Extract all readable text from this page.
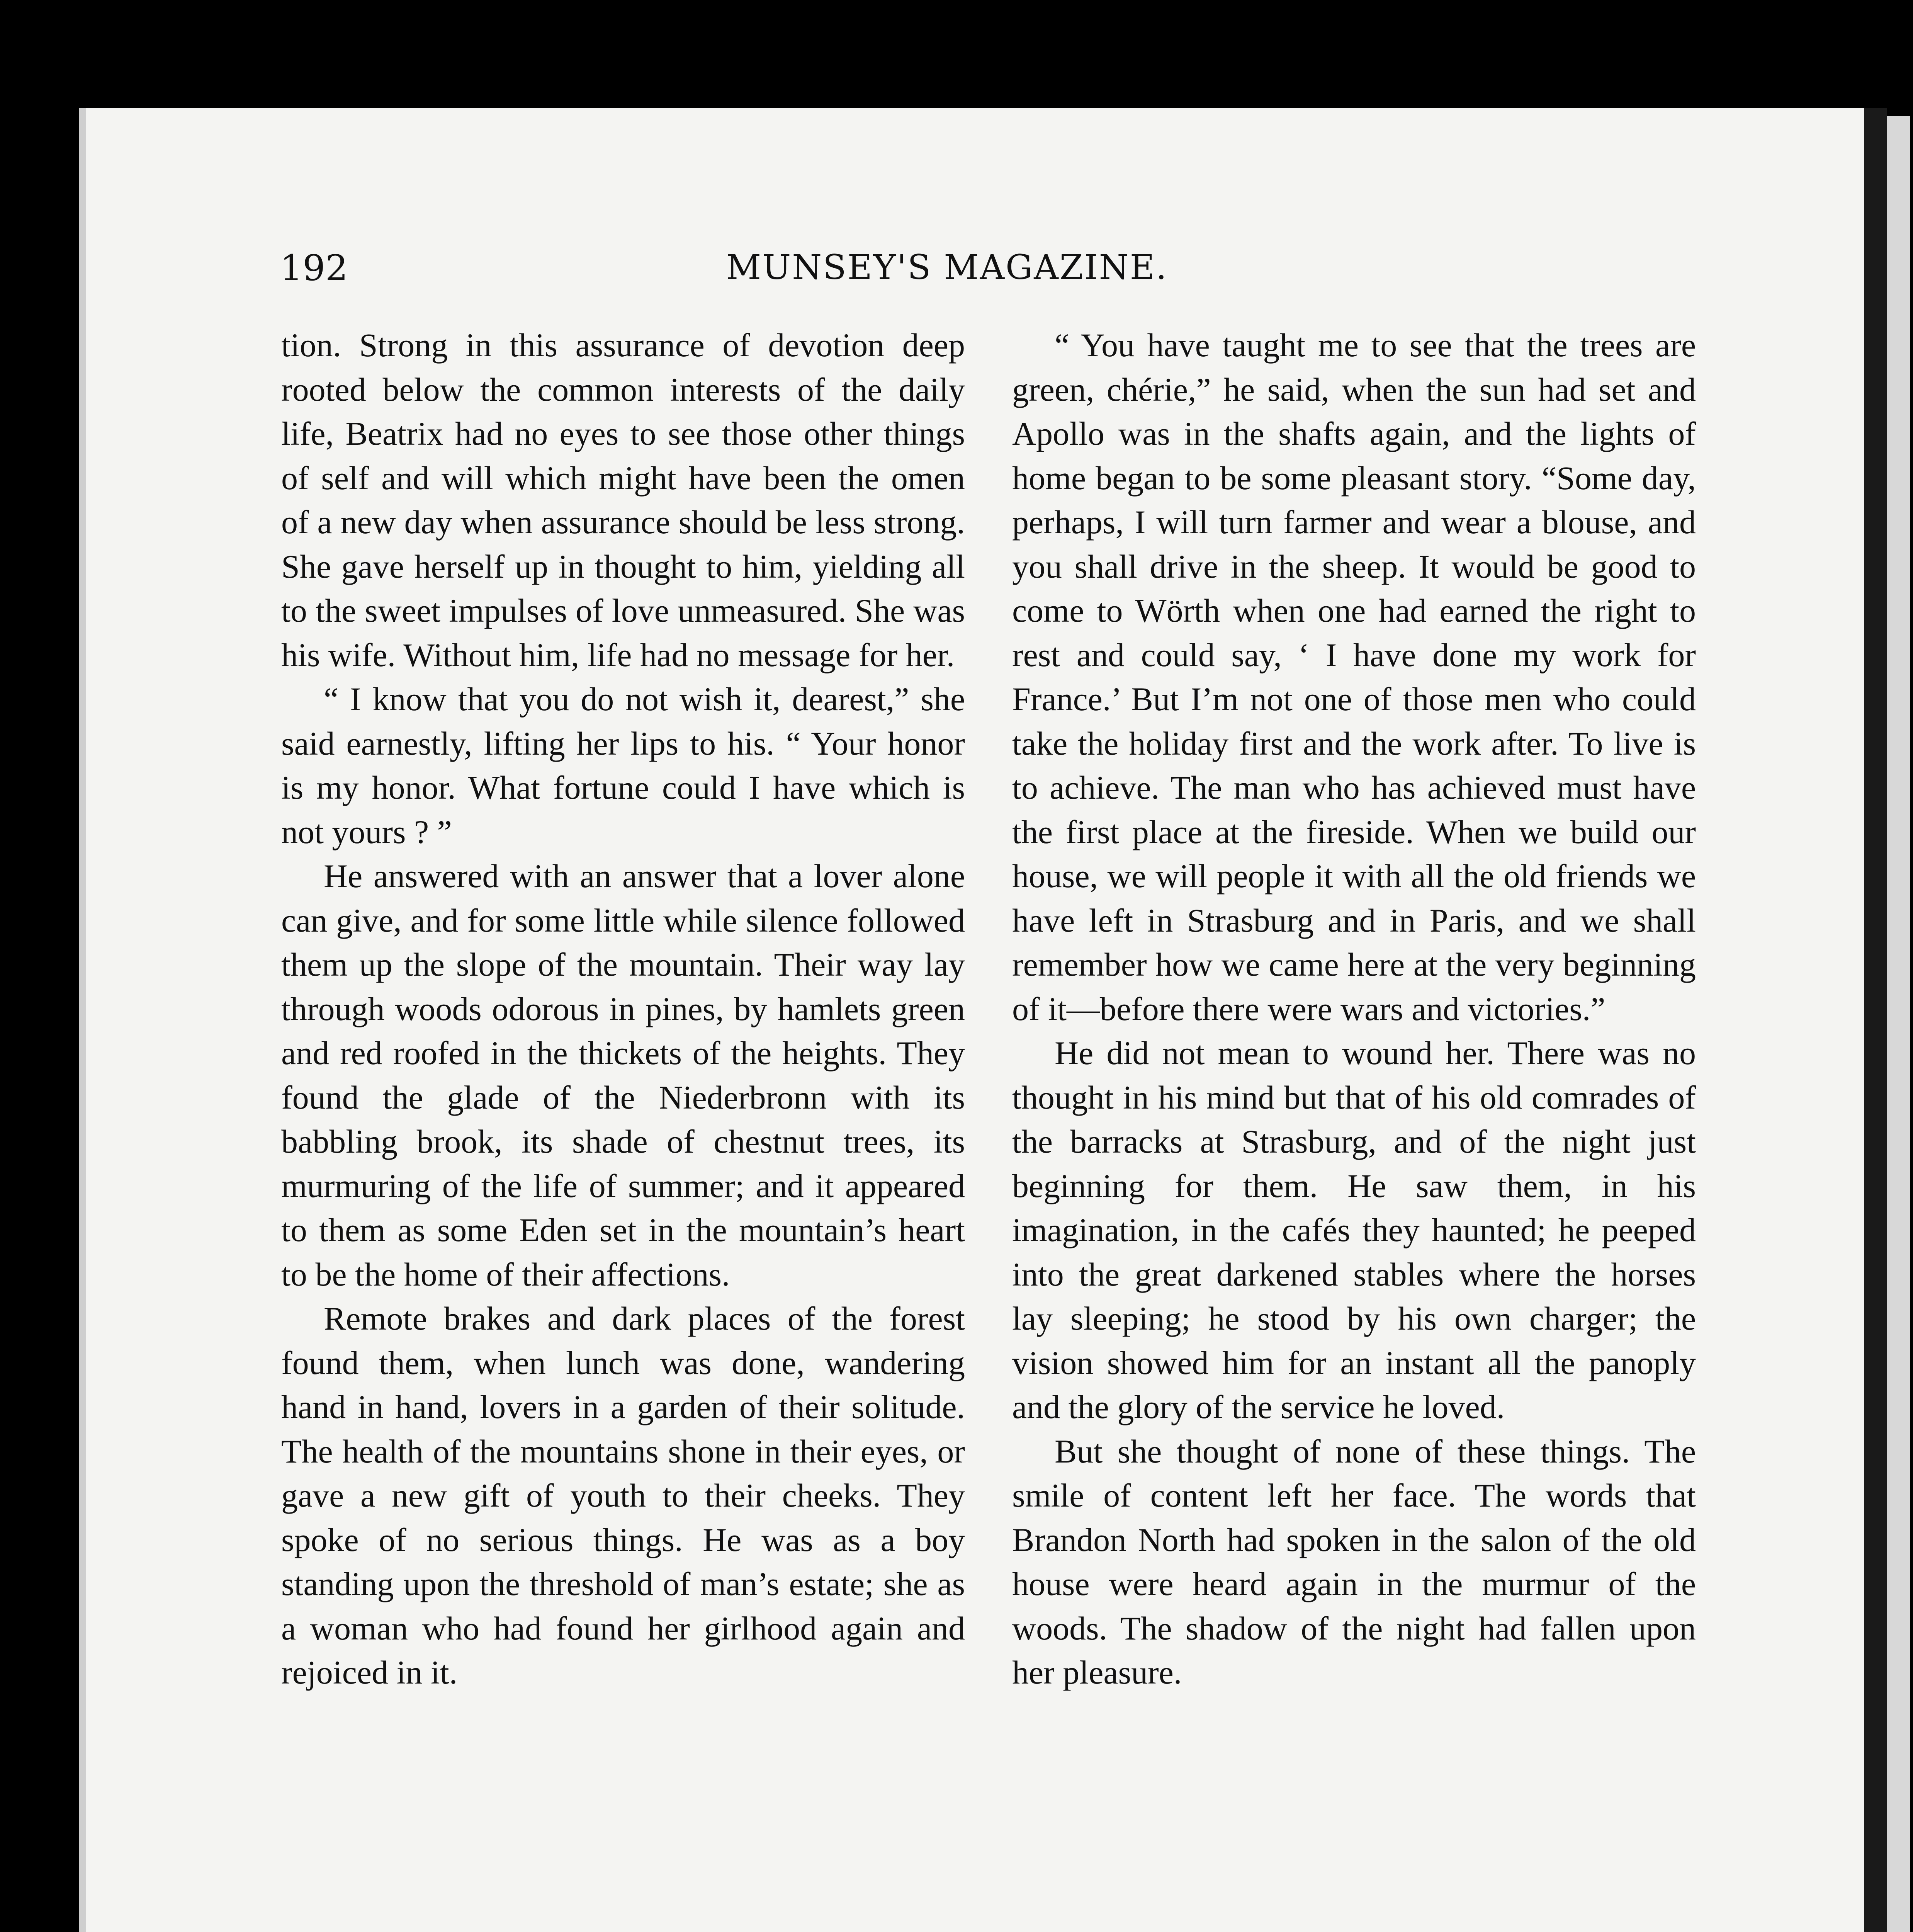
192	MUNSEY'S MAGAZINE.

tion. Strong in this assurance of devotion deep rooted below the common interests of the daily life, Beatrix had no eyes to see those other things of self and will which might have been the omen of a new day when assurance should be less strong. She gave herself up in thought to him, yielding all to the sweet impulses of love unmeasured. She was his wife. Without him, life had no message for her.

“ I know that you do not wish it, dearest,” she said earnestly, lifting her lips to his. “ Your honor is my honor. What fortune could I have which is not yours ? ”

He answered with an answer that a lover alone can give, and for some little while silence followed them up the slope of the mountain. Their way lay through woods odorous in pines, by hamlets green and red roofed in the thickets of the heights. They found the glade of the Niederbronn with its babbling brook, its shade of chestnut trees, its murmuring of the life of summer; and it appeared to them as some Eden set in the mountain’s heart to be the home of their affections.

Remote brakes and dark places of the forest found them, when lunch was done, wandering hand in hand, lovers in a garden of their solitude. The health of the mountains shone in their eyes, or gave a new gift of youth to their cheeks. They spoke of no serious things. He was as a boy standing upon the threshold of man’s estate; she as a woman who had found her girlhood again and rejoiced in it.

“ You have taught me to see that the trees are green, chérie,” he said, when the sun had set and Apollo was in the shafts again, and the lights of home began to be some pleasant story. “Some day, perhaps, I will turn farmer and wear a blouse, and you shall drive in the sheep. It would be good to come to Wörth when one had earned the right to rest and could say, ‘ I have done my work for France.’ But I’m not one of those men who could take the holiday first and the work after. To live is to achieve. The man who has achieved must have the first place at the fireside. When we build our house, we will people it with all the old friends we have left in Strasburg and in Paris, and we shall remember how we came here at the very beginning of it—before there were wars and victories.”

He did not mean to wound her. There was no thought in his mind but that of his old comrades of the barracks at Strasburg, and of the night just beginning for them. He saw them, in his imagination, in the cafés they haunted; he peeped into the great darkened stables where the horses lay sleeping; he stood by his own charger; the vision showed him for an instant all the panoply and the glory of the service he loved.

But she thought of none of these things. The smile of content left her face. The words that Brandon North had spoken in the salon of the old house were heard again in the murmur of the woods. The shadow of the night had fallen upon her pleasure.
